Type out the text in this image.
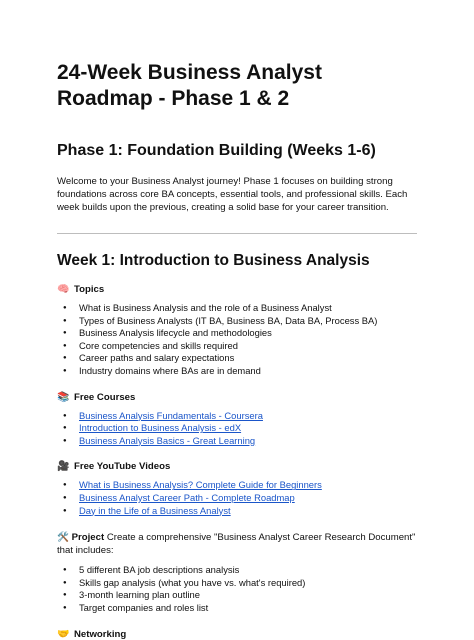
24-Week Business Analyst Roadmap - Phase 1 & 2
Phase 1: Foundation Building (Weeks 1-6)
Welcome to your Business Analyst journey! Phase 1 focuses on building strong foundations across core BA concepts, essential tools, and professional skills. Each week builds upon the previous, creating a solid base for your career transition.
Week 1: Introduction to Business Analysis
🧠 Topics
● What is Business Analysis and the role of a Business Analyst
● Types of Business Analysts (IT BA, Business BA, Data BA, Process BA)
● Business Analysis lifecycle and methodologies
● Core competencies and skills required
● Career paths and salary expectations
● Industry domains where BAs are in demand
📚 Free Courses
● Business Analysis Fundamentals - Coursera
● Introduction to Business Analysis - edX
● Business Analysis Basics - Great Learning
🎥 Free YouTube Videos
● What is Business Analysis? Complete Guide for Beginners
● Business Analyst Career Path - Complete Roadmap
● Day in the Life of a Business Analyst
🛠️ Project Create a comprehensive "Business Analyst Career Research Document" that includes:
● 5 different BA job descriptions analysis
● Skills gap analysis (what you have vs. what's required)
● 3-month learning plan outline
● Target companies and roles list
🤝 Networking
